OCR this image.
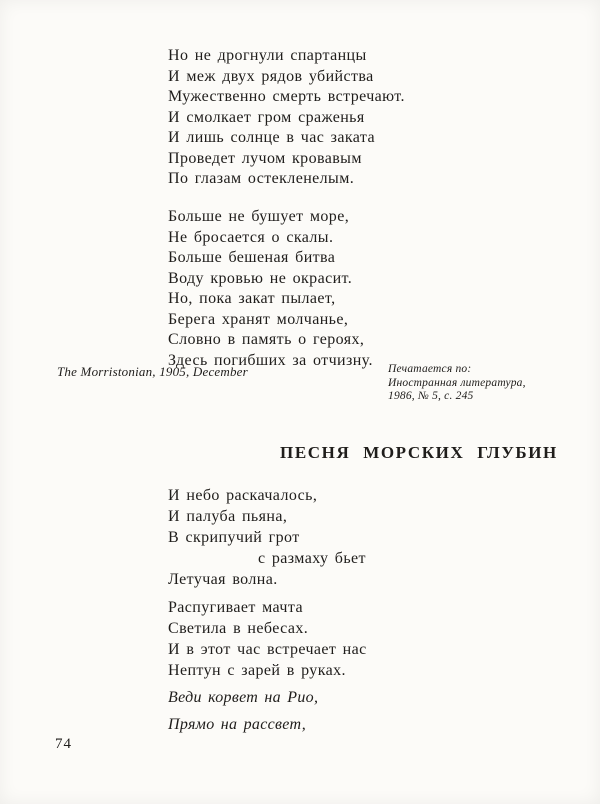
Но не дрогнули спартанцы
И меж двух рядов убийства
Мужественно смерть встречают.
И смолкает гром сраженья
И лишь солнце в час заката
Проведет лучом кровавым
По глазам остекленелым.
Больше не бушует море,
Не бросается о скалы.
Больше бешеная битва
Воду кровью не окрасит.
Но, пока закат пылает,
Берега хранят молчанье,
Словно в память о героях,
Здесь погибших за отчизну.
The Morristonian, 1905, December	Печатается по:
Иностранная литература,
1986, № 5, с. 245
ПЕСНЯ МОРСКИХ ГЛУБИН
И небо раскачалось,
И палуба пьяна,
В скрипучий грот
с размаху бьет
Летучая волна.
Распугивает мачта
Светила в небесах.
И в этот час встречает нас
Нептун с зарей в руках.
Веди корвет на Рио,
Прямо на рассвет,
74
